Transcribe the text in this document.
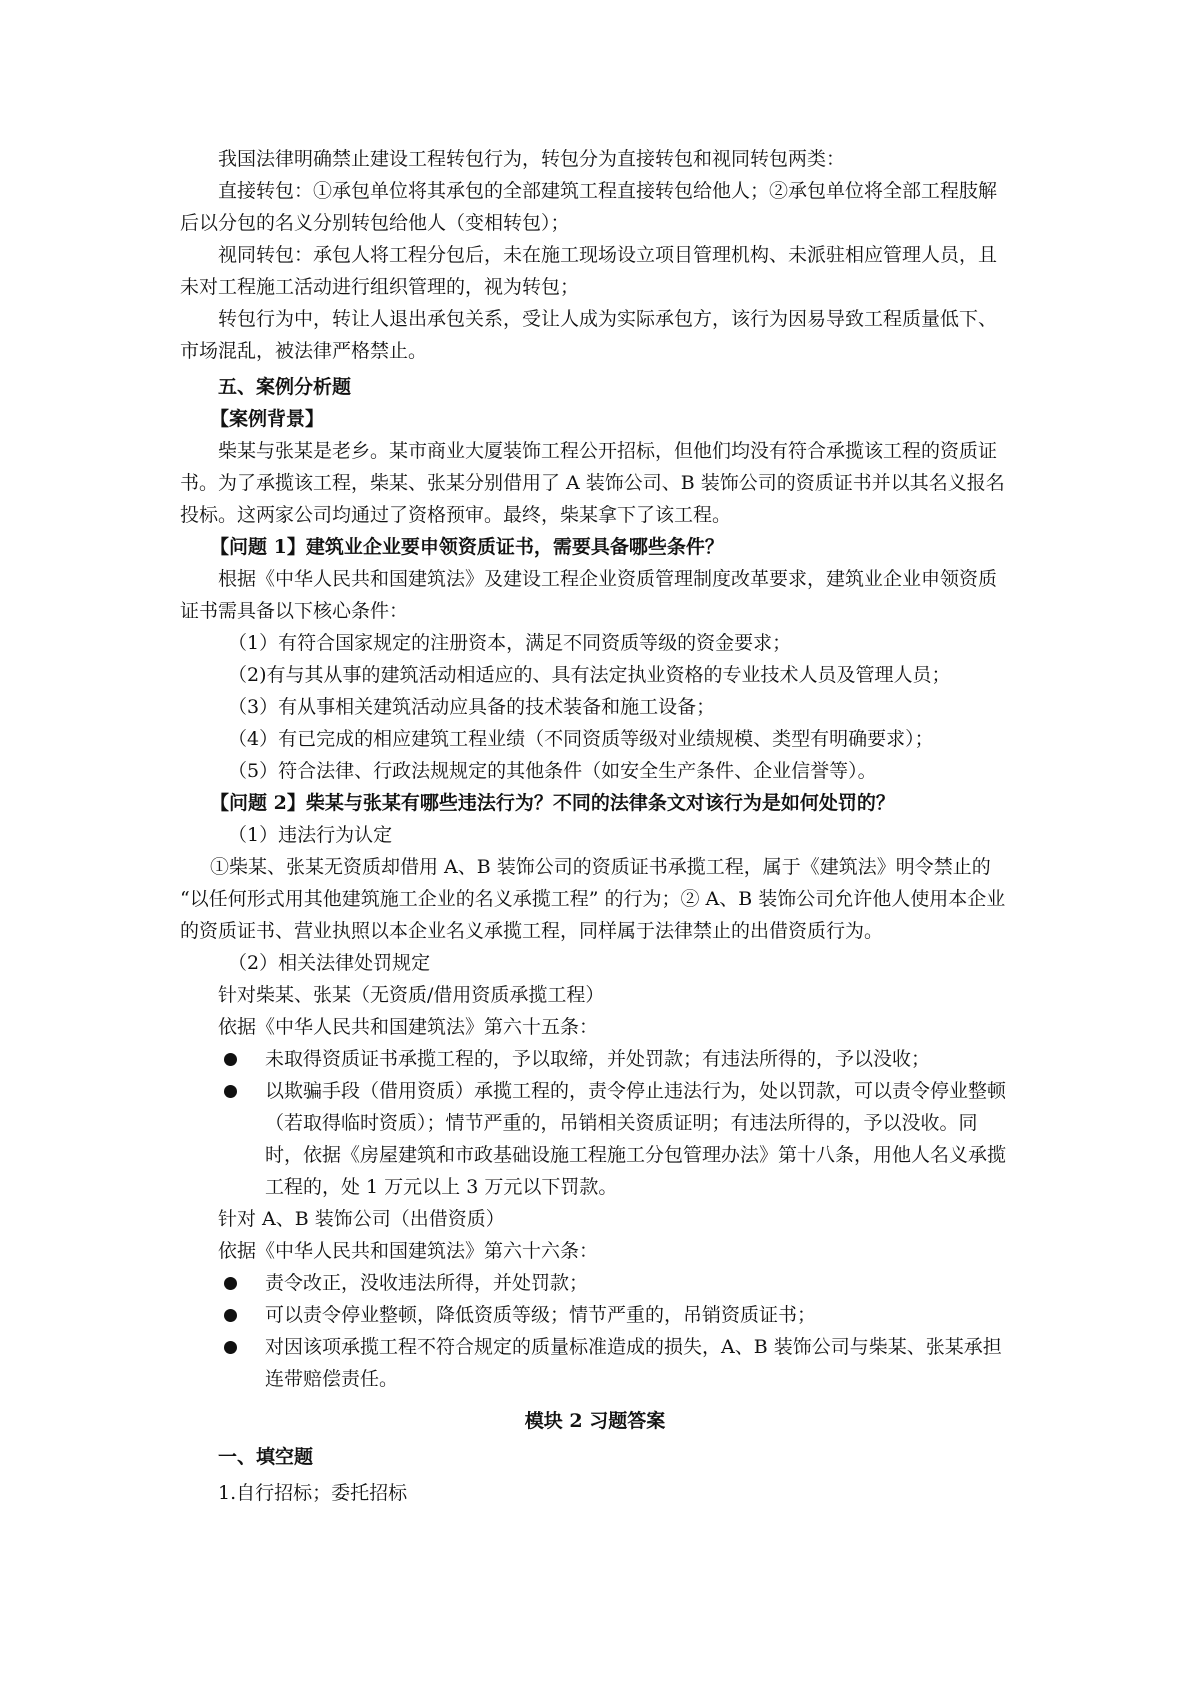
我国法律明确禁止建设工程转包行为，转包分为直接转包和视同转包两类：

直接转包：①承包单位将其承包的全部建筑工程直接转包给他人；②承包单位将全部工程肢解后以分包的名义分别转包给他人（变相转包）；

视同转包：承包人将工程分包后，未在施工现场设立项目管理机构、未派驻相应管理人员，且未对工程施工活动进行组织管理的，视为转包；

转包行为中，转让人退出承包关系，受让人成为实际承包方，该行为因易导致工程质量低下、市场混乱，被法律严格禁止。

五、案例分析题

【案例背景】

柴某与张某是老乡。某市商业大厦装饰工程公开招标，但他们均没有符合承揽该工程的资质证书。为了承揽该工程，柴某、张某分别借用了 A 装饰公司、B 装饰公司的资质证书并以其名义报名投标。这两家公司均通过了资格预审。最终，柴某拿下了该工程。

【问题 1】建筑业企业要申领资质证书，需要具备哪些条件？

根据《中华人民共和国建筑法》及建设工程企业资质管理制度改革要求，建筑业企业申领资质证书需具备以下核心条件：

（1）有符合国家规定的注册资本，满足不同资质等级的资金要求；

（2)有与其从事的建筑活动相适应的、具有法定执业资格的专业技术人员及管理人员；

（3）有从事相关建筑活动应具备的技术装备和施工设备；

（4）有已完成的相应建筑工程业绩（不同资质等级对业绩规模、类型有明确要求）；

（5）符合法律、行政法规规定的其他条件（如安全生产条件、企业信誉等）。

【问题 2】柴某与张某有哪些违法行为？不同的法律条文对该行为是如何处罚的？

（1）违法行为认定

①柴某、张某无资质却借用 A、B 装饰公司的资质证书承揽工程，属于《建筑法》明令禁止的 “以任何形式用其他建筑施工企业的名义承揽工程” 的行为；② A、B 装饰公司允许他人使用本企业的资质证书、营业执照以本企业名义承揽工程，同样属于法律禁止的出借资质行为。

（2）相关法律处罚规定

针对柴某、张某（无资质/借用资质承揽工程）

依据《中华人民共和国建筑法》第六十五条：

未取得资质证书承揽工程的，予以取缔，并处罚款；有违法所得的，予以没收；
以欺骗手段（借用资质）承揽工程的，责令停止违法行为，处以罚款，可以责令停业整顿（若取得临时资质）；情节严重的，吊销相关资质证明；有违法所得的，予以没收。同时，依据《房屋建筑和市政基础设施工程施工分包管理办法》第十八条，用他人名义承揽工程的，处 1 万元以上 3 万元以下罚款。

针对 A、B 装饰公司（出借资质）

依据《中华人民共和国建筑法》第六十六条：

责令改正，没收违法所得，并处罚款；
可以责令停业整顿，降低资质等级；情节严重的，吊销资质证书；
对因该项承揽工程不符合规定的质量标准造成的损失，A、B 装饰公司与柴某、张某承担连带赔偿责任。

模块 2 习题答案

一、填空题

1.自行招标；委托招标
